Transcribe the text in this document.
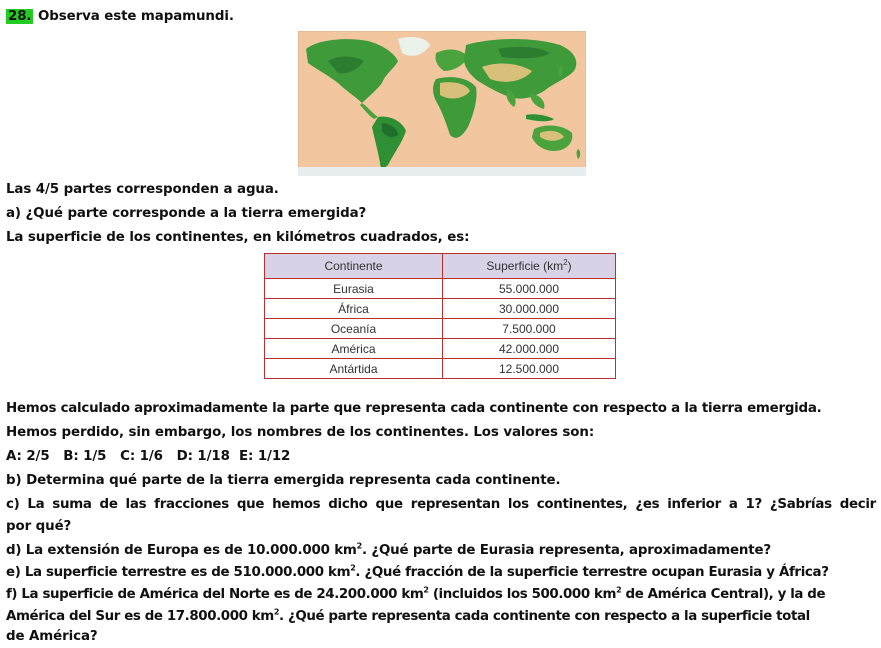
28. Observa este mapamundi.
Las 4/5 partes corresponden a agua.
a) ¿Qué parte corresponde a la tierra emergida?
La superficie de los continentes, en kilómetros cuadrados, es:
Continente	Superficie $(km^2)$
Eurasia	55.000.000
África	30.000.000
Oceanía	7.500.000
América	42.000.000
Antártida	12.500.000
Hemos calculado aproximadamente la parte que representa cada continente con respecto a la tierra emergida.
Hemos perdido, sin embargo, los nombres de los continentes. Los valores son:
A: 2/5 B: 1/5 C: 1/6 D: 1/18 E: 1/12
b) Determina qué parte de la tierra emergida representa cada continente.
c) La suma de las fracciones que hemos dicho que representan los continentes, ¿es inferior a 1? ¿Sabrías decir
por qué?
d) La extensión de Europa es de 10.000.000 $km^2$. ¿Qué parte de Eurasia representa, aproximadamente?
e) La superficie terrestre es de 510.000.000 $km^2$. ¿Qué fracción de la superficie terrestre ocupan Eurasia y África?
f) La superficie de América del Norte es de 24.200.000 $km^2$ (incluidos los 500.000 $km^2$ de América Central), y la de
América del Sur es de 17.800.000 $km^2$. ¿Qué parte representa cada continente con respecto a la superficie total
de América?
